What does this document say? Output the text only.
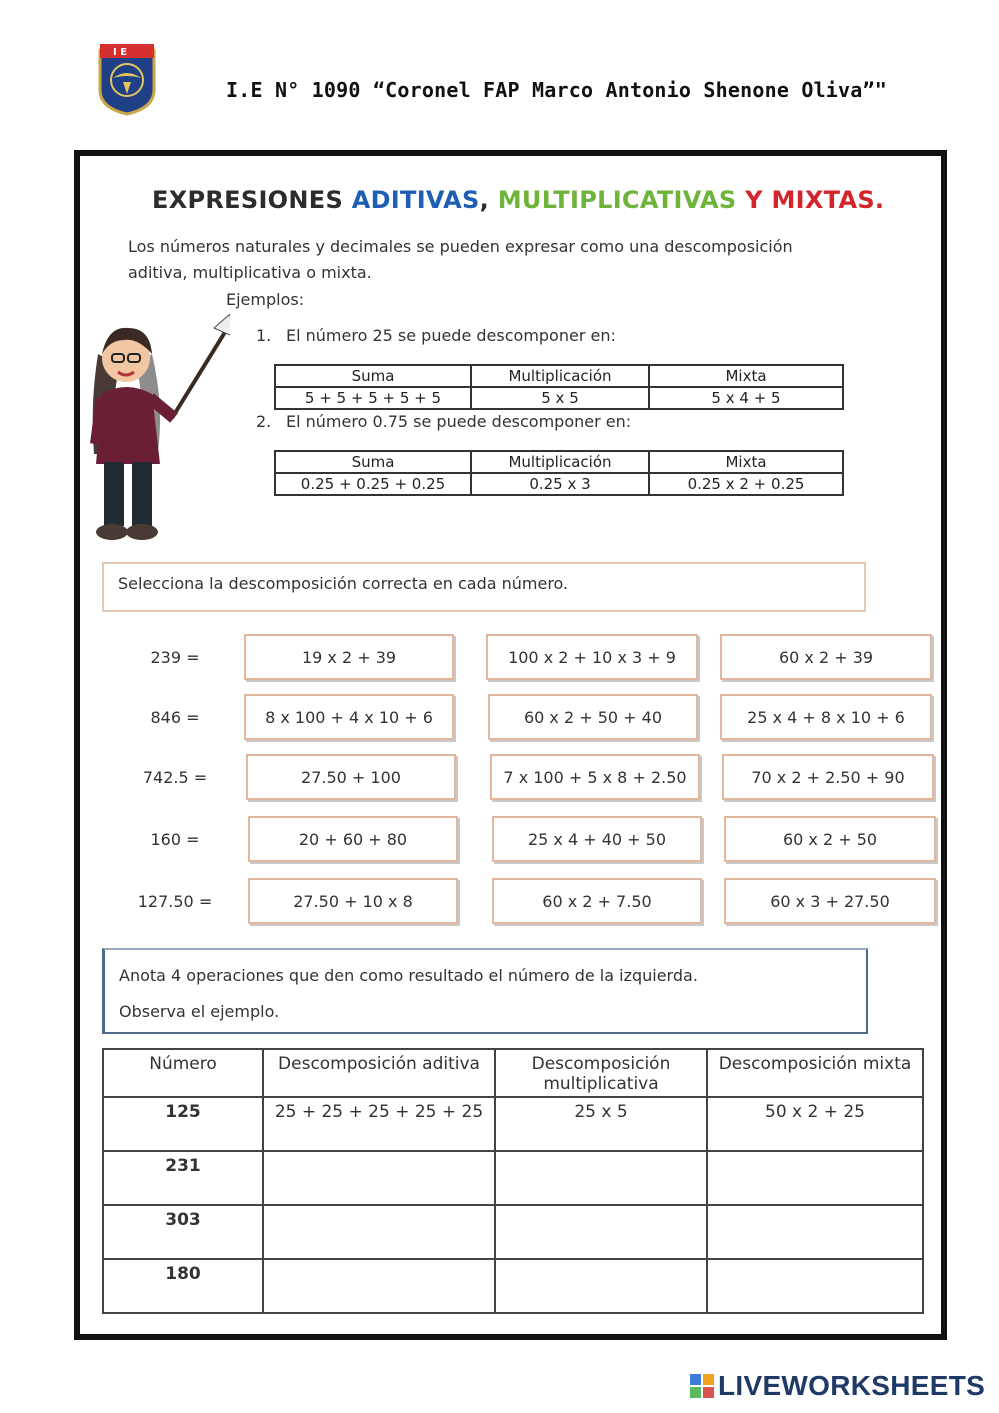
I E
I.E N° 1090 “Coronel FAP Marco Antonio Shenone Oliva”"
EXPRESIONES ADITIVAS, MULTIPLICATIVAS Y MIXTAS.
Los números naturales y decimales se pueden expresar como una descomposición aditiva, multiplicativa o mixta.
Ejemplos:
1. El número 25 se puede descomponer en:
Suma	Multiplicación	Mixta
5 + 5 + 5 + 5 + 5	5 x 5	5 x 4 + 5
2. El número 0.75 se puede descomponer en:
Suma	Multiplicación	Mixta
0.25 + 0.25 + 0.25	0.25 x 3	0.25 x 2 + 0.25
Selecciona la descomposición correcta en cada número.
239 =	19 x 2 + 39	100 x 2 + 10 x 3 + 9	60 x 2 + 39
846 =	8 x 100 + 4 x 10 + 6	60 x 2 + 50 + 40	25 x 4 + 8 x 10 + 6
742.5 =	27.50 + 100	7 x 100 + 5 x 8 + 2.50	70 x 2 + 2.50 + 90
160 =	20 + 60 + 80	25 x 4 + 40 + 50	60 x 2 + 50
127.50 =	27.50 + 10 x 8	60 x 2 + 7.50	60 x 3 + 27.50
Anota 4 operaciones que den como resultado el número de la izquierda.
Observa el ejemplo.
Número	Descomposición aditiva	Descomposición multiplicativa	Descomposición mixta
125	25 + 25 + 25 + 25 + 25	25 x 5	50 x 2 + 25
231			
303			
180			
LIVEWORKSHEETS
